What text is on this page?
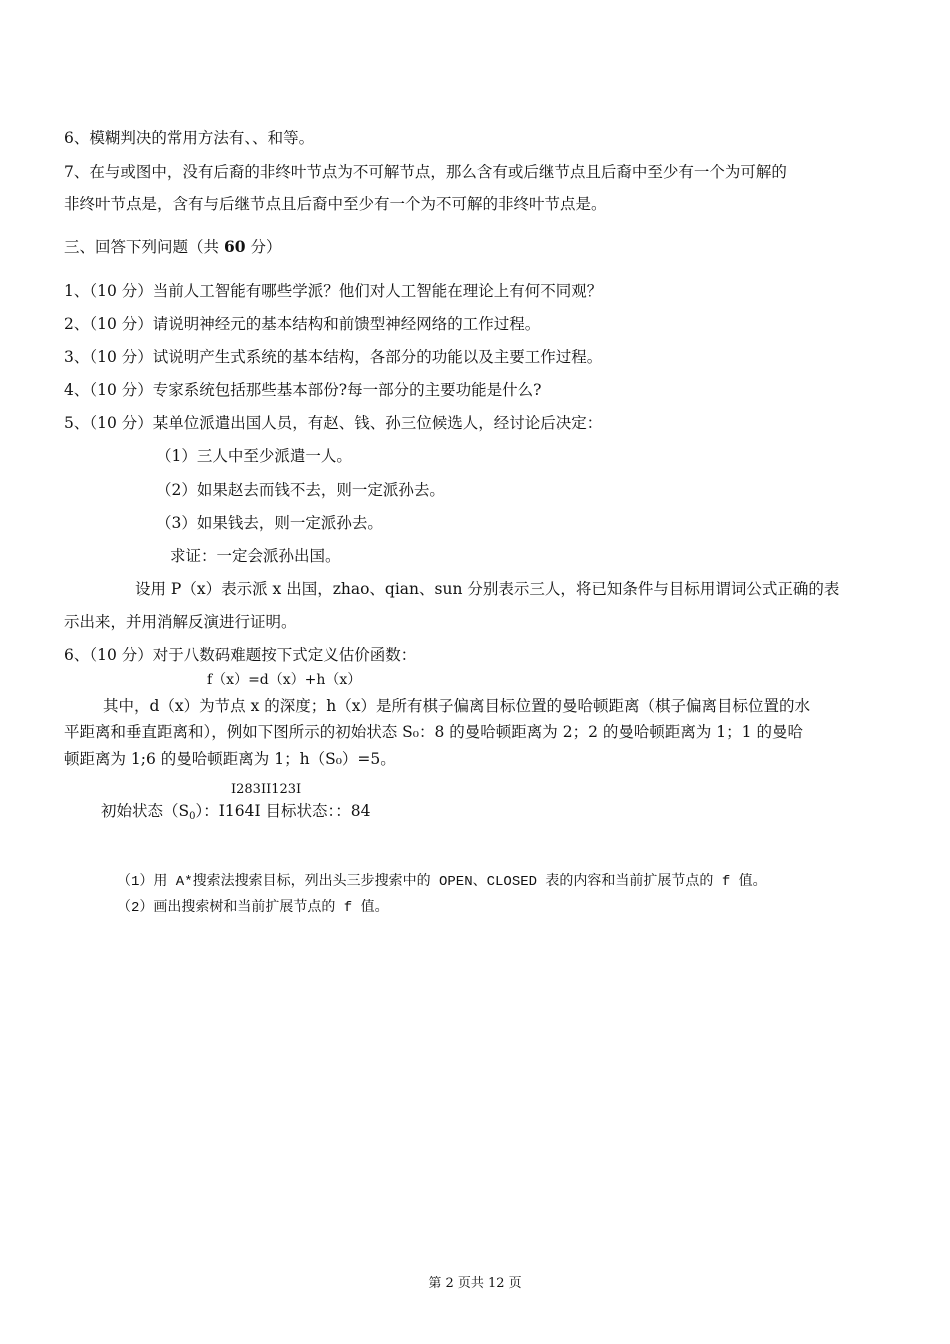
6、模糊判决的常用方法有、、和等。
7、在与或图中，没有后裔的非终叶节点为不可解节点，那么含有或后继节点且后裔中至少有一个为可解的
非终叶节点是，含有与后继节点且后裔中至少有一个为不可解的非终叶节点是。
三、回答下列问题（共 60 分）
1、（10 分）当前人工智能有哪些学派？他们对人工智能在理论上有何不同观？
2、（10 分）请说明神经元的基本结构和前馈型神经网络的工作过程。
3、（10 分）试说明产生式系统的基本结构，各部分的功能以及主要工作过程。
4、（10 分）专家系统包括那些基本部份?每一部分的主要功能是什么?
5、（10 分）某单位派遣出国人员，有赵、钱、孙三位候选人，经讨论后决定：
（1）三人中至少派遣一人。
（2）如果赵去而钱不去，则一定派孙去。
（3）如果钱去，则一定派孙去。
求证：一定会派孙出国。
设用 P（x）表示派 x 出国，zhao、qian、sun 分别表示三人，将已知条件与目标用谓词公式正确的表
示出来，并用消解反演进行证明。
6、（10 分）对于八数码难题按下式定义估价函数：
f（x）=d（x）+h（x）
其中，d（x）为节点 x 的深度；h（x）是所有棋子偏离目标位置的曼哈顿距离（棋子偏离目标位置的水
平距离和垂直距离和），例如下图所示的初始状态 S₀：8 的曼哈顿距离为 2；2 的曼哈顿距离为 1；1 的曼哈
顿距离为 1;6 的曼哈顿距离为 1；h（S₀）=5。
I283II123I
初始状态$(S_0)$：I164I 目标状态：：84
（1）用 A*搜索法搜索目标，列出头三步搜索中的 OPEN、CLOSED 表的内容和当前扩展节点的 f 值。
（2）画出搜索树和当前扩展节点的 f 值。
第 2 页共 12 页
